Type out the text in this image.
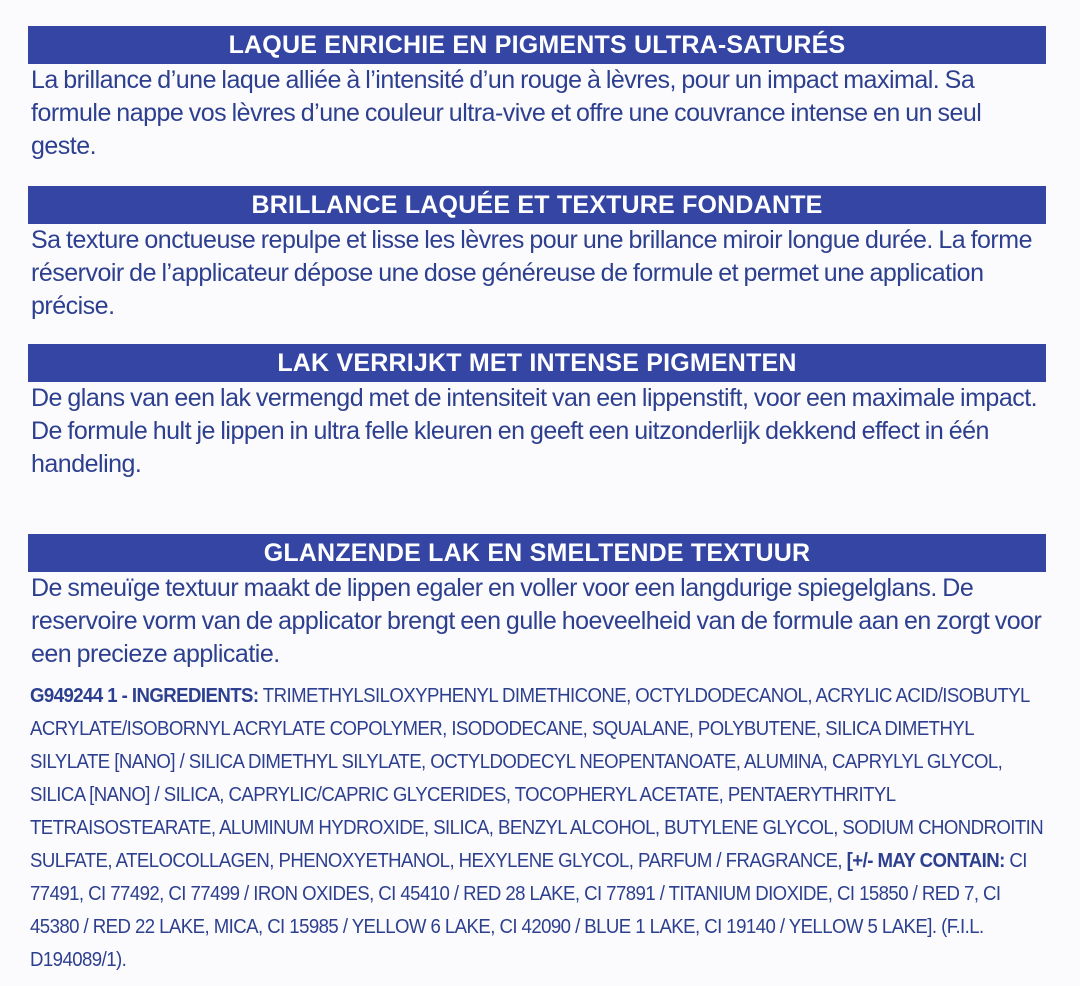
LAQUE ENRICHIE EN PIGMENTS ULTRA-SATURÉS

La brillance d’une laque alliée à l’intensité d’un rouge à lèvres, pour un impact maximal. Sa formule nappe vos lèvres d’une couleur ultra-vive et offre une couvrance intense en un seul geste.

BRILLANCE LAQUÉE ET TEXTURE FONDANTE

Sa texture onctueuse repulpe et lisse les lèvres pour une brillance miroir longue durée. La forme réservoir de l’applicateur dépose une dose généreuse de formule et permet une application précise.

LAK VERRIJKT MET INTENSE PIGMENTEN

De glans van een lak vermengd met de intensiteit van een lippenstift, voor een maximale impact.

De formule hult je lippen in ultra felle kleuren en geeft een uitzonderlijk dekkend effect in één handeling.

GLANZENDE LAK EN SMELTENDE TEXTUUR

De smeuïge textuur maakt de lippen egaler en voller voor een langdurige spiegelglans. De reservoire vorm van de applicator brengt een gulle hoeveelheid van de formule aan en zorgt voor een precieze applicatie.

G949244 1 - INGREDIENTS: TRIMETHYLSILOXYPHENYL DIMETHICONE, OCTYLDODECANOL, ACRYLIC ACID/ISOBUTYL ACRYLATE/ISOBORNYL ACRYLATE COPOLYMER, ISODODECANE, SQUALANE, POLYBUTENE, SILICA DIMETHYL SILYLATE [NANO] / SILICA DIMETHYL SILYLATE, OCTYLDODECYL NEOPENTANOATE, ALUMINA, CAPRYLYL GLYCOL, SILICA [NANO] / SILICA, CAPRYLIC/CAPRIC GLYCERIDES, TOCOPHERYL ACETATE, PENTAERYTHRITYL TETRAISOSTEARATE, ALUMINUM HYDROXIDE, SILICA, BENZYL ALCOHOL, BUTYLENE GLYCOL, SODIUM CHONDROITIN SULFATE, ATELOCOLLAGEN, PHENOXYETHANOL, HEXYLENE GLYCOL, PARFUM / FRAGRANCE, [+/- MAY CONTAIN: CI 77491, CI 77492, CI 77499 / IRON OXIDES, CI 45410 / RED 28 LAKE, CI 77891 / TITANIUM DIOXIDE, CI 15850 / RED 7, CI 45380 / RED 22 LAKE, MICA, CI 15985 / YELLOW 6 LAKE, CI 42090 / BLUE 1 LAKE, CI 19140 / YELLOW 5 LAKE]. (F.I.L. D194089/1).
